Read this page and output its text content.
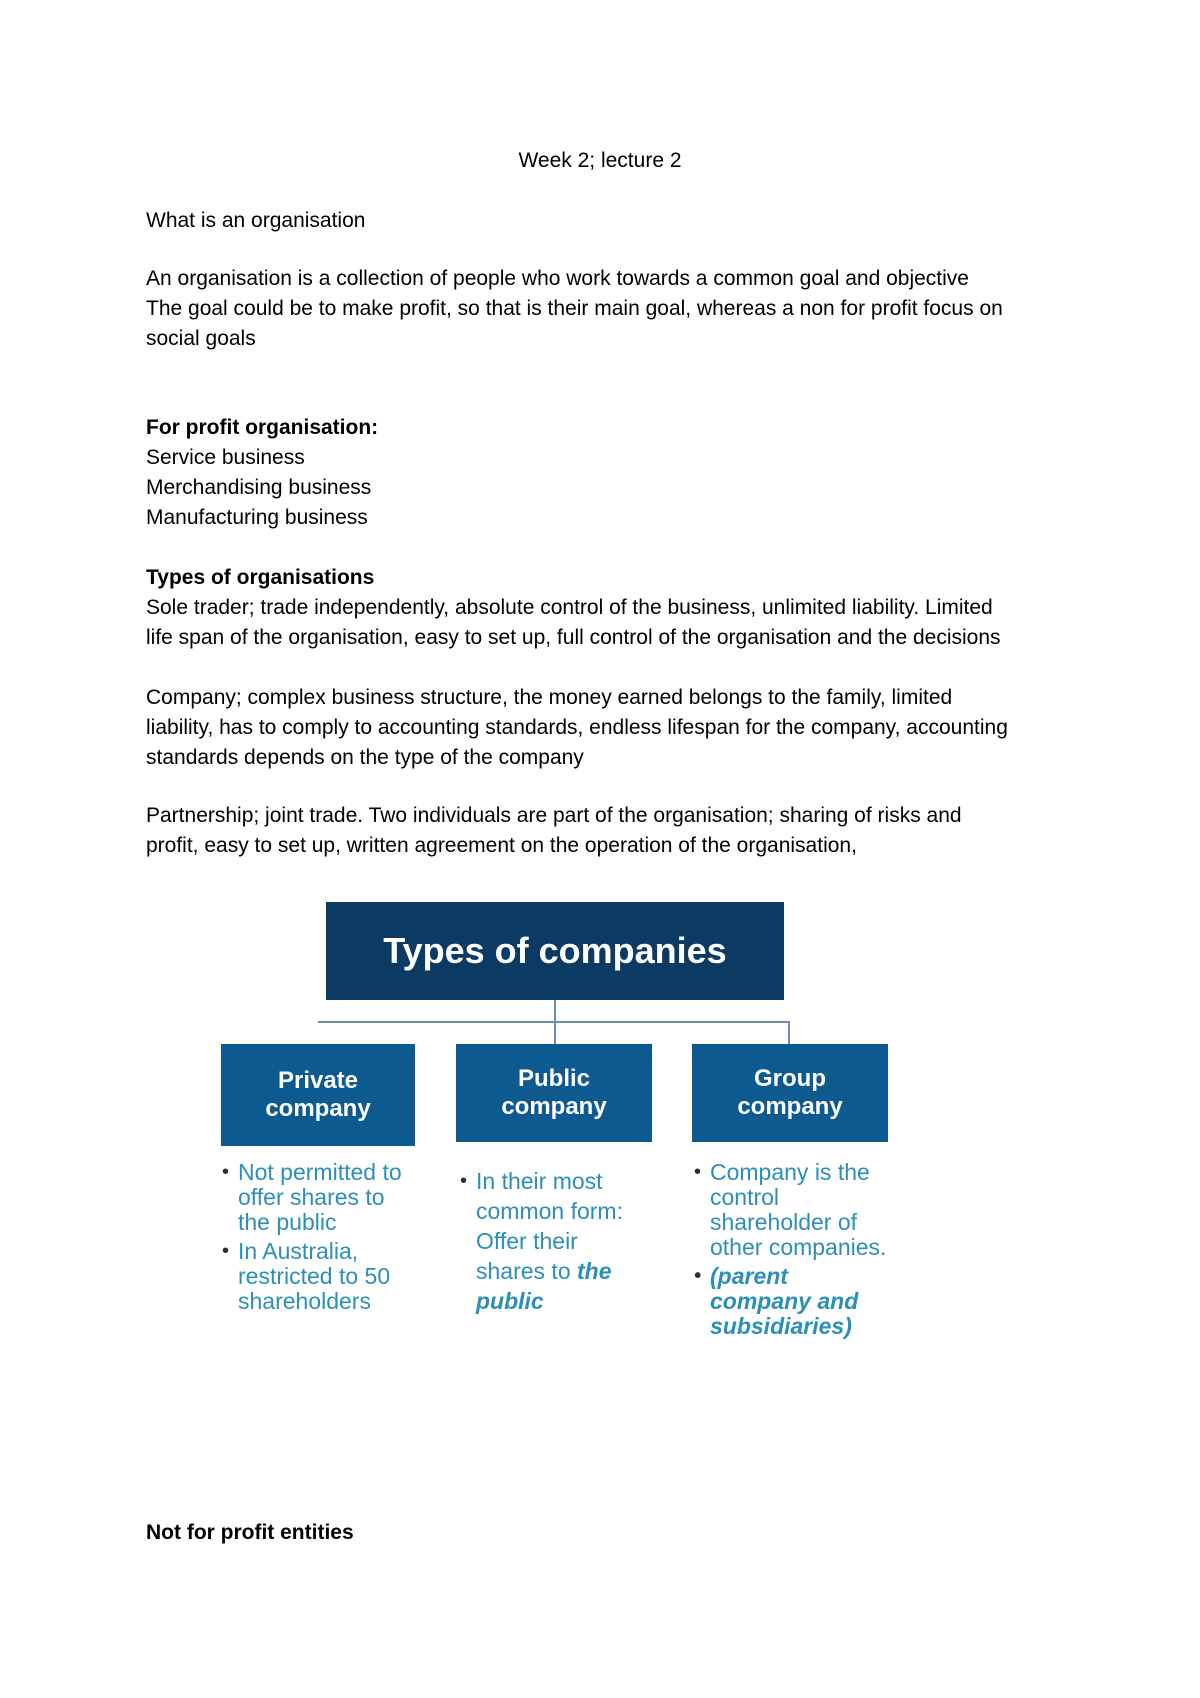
Week 2; lecture 2
What is an organisation
An organisation is a collection of people who work towards a common goal and objective
The goal could be to make profit, so that is their main goal, whereas a non for profit focus on
social goals
For profit organisation:
Service business
Merchandising business
Manufacturing business
Types of organisations
Sole trader; trade independently, absolute control of the business, unlimited liability. Limited
life span of the organisation, easy to set up, full control of the organisation and the decisions
Company; complex business structure, the money earned belongs to the family, limited
liability, has to comply to accounting standards, endless lifespan for the company, accounting
standards depends on the type of the company
Partnership; joint trade. Two individuals are part of the organisation; sharing of risks and
profit, easy to set up, written agreement on the operation of the organisation,
Types of companies
Private
company
Public
company
Group
company
• Not permitted to offer shares to the public
• In Australia, restricted to 50 shareholders
• In their most common form: Offer their shares to the public
• Company is the control shareholder of other companies.
• (parent company and subsidiaries)
Not for profit entities
